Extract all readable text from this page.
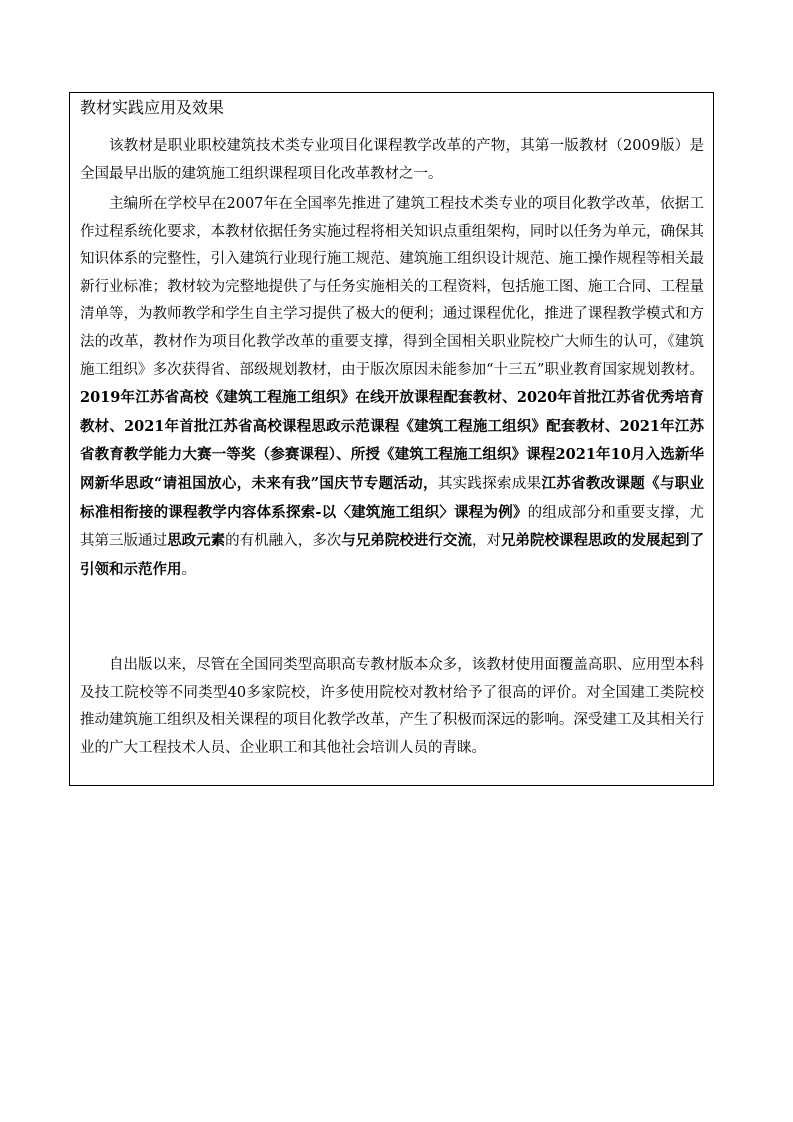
教材实践应用及效果

该教材是职业职校建筑技术类专业项目化课程教学改革的产物，其第一版教材（2009版）是全国最早出版的建筑施工组织课程项目化改革教材之一。

主编所在学校早在2007年在全国率先推进了建筑工程技术类专业的项目化教学改革，依据工作过程系统化要求，本教材依据任务实施过程将相关知识点重组架构，同时以任务为单元，确保其知识体系的完整性，引入建筑行业现行施工规范、建筑施工组织设计规范、施工操作规程等相关最新行业标准；教材较为完整地提供了与任务实施相关的工程资料，包括施工图、施工合同、工程量清单等，为教师教学和学生自主学习提供了极大的便利；通过课程优化，推进了课程教学模式和方法的改革，教材作为项目化教学改革的重要支撑，得到全国相关职业院校广大师生的认可，《建筑施工组织》多次获得省、部级规划教材，由于版次原因未能参加“十三五”职业教育国家规划教材。2019年江苏省高校《建筑工程施工组织》在线开放课程配套教材、2020年首批江苏省优秀培育教材、2021年首批江苏省高校课程思政示范课程《建筑工程施工组织》配套教材、2021年江苏省教育教学能力大赛一等奖（参赛课程）、所授《建筑工程施工组织》课程2021年10月入选新华网新华思政“请祖国放心，未来有我”国庆节专题活动，其实践探索成果江苏省教改课题《与职业标准相衔接的课程教学内容体系探索-以〈建筑施工组织〉课程为例》的组成部分和重要支撑，尤其第三版通过思政元素的有机融入，多次与兄弟院校进行交流，对兄弟院校课程思政的发展起到了引领和示范作用。

自出版以来，尽管在全国同类型高职高专教材版本众多，该教材使用面覆盖高职、应用型本科及技工院校等不同类型40多家院校，许多使用院校对教材给予了很高的评价。对全国建工类院校推动建筑施工组织及相关课程的项目化教学改革，产生了积极而深远的影响。深受建工及其相关行业的广大工程技术人员、企业职工和其他社会培训人员的青睐。
